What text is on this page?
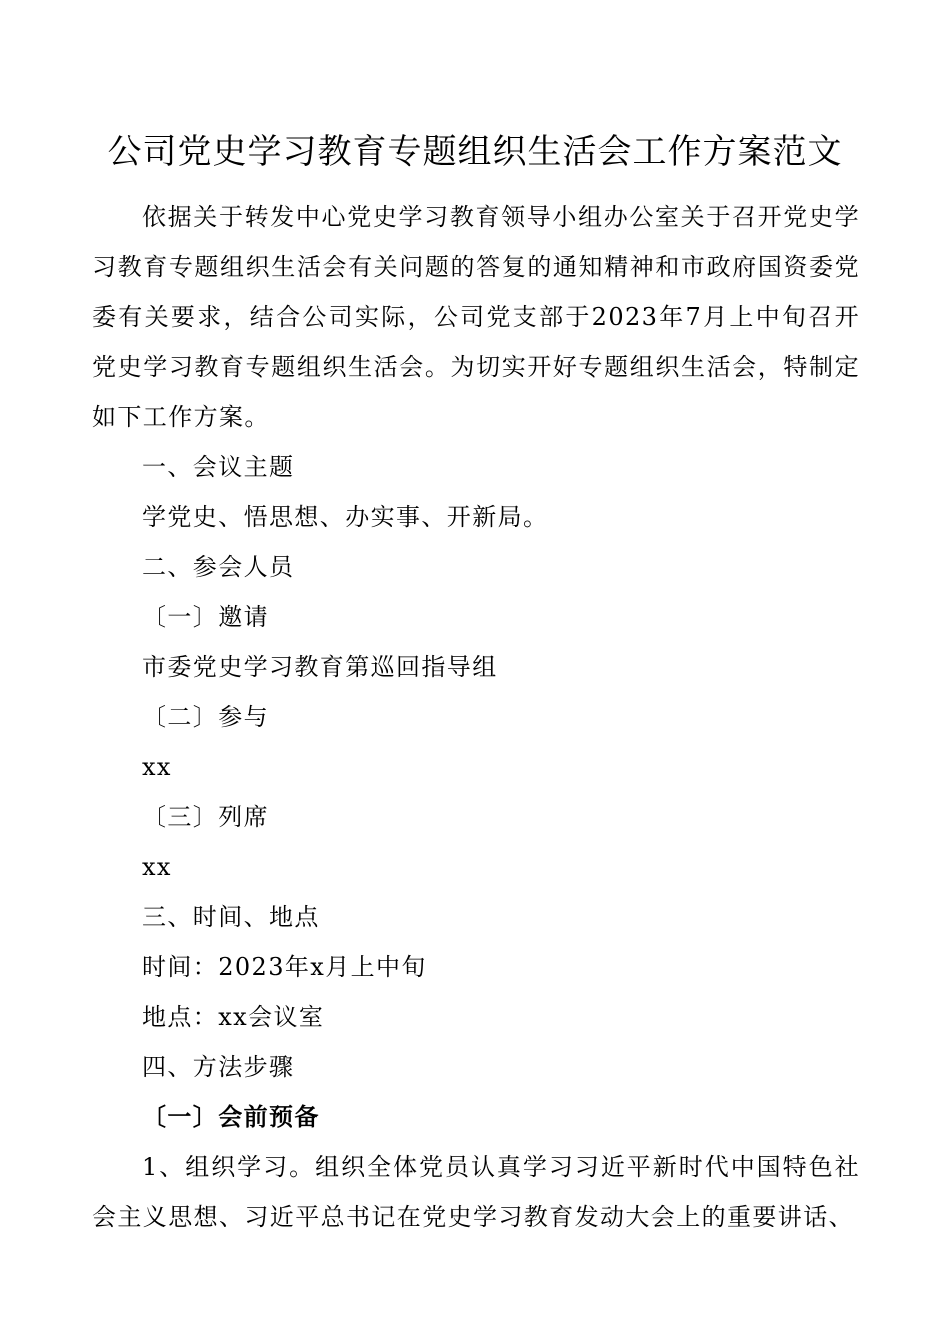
公司党史学习教育专题组织生活会工作方案范文

依据关于转发中心党史学习教育领导小组办公室关于召开党史学习教育专题组织生活会有关问题的答复的通知精神和市政府国资委党委有关要求，结合公司实际，公司党支部于2023年7月上中旬召开党史学习教育专题组织生活会。为切实开好专题组织生活会，特制定如下工作方案。

一、会议主题

学党史、悟思想、办实事、开新局。

二、参会人员

〔一〕邀请

市委党史学习教育第巡回指导组

〔二〕参与

xx

〔三〕列席

xx

三、时间、地点

时间：2023年x月上中旬

地点：xx会议室

四、方法步骤

〔一〕会前预备

1、组织学习。组织全体党员认真学习习近平新时代中国特色社会主义思想、习近平总书记在党史学习教育发动大会上的重要讲话、
